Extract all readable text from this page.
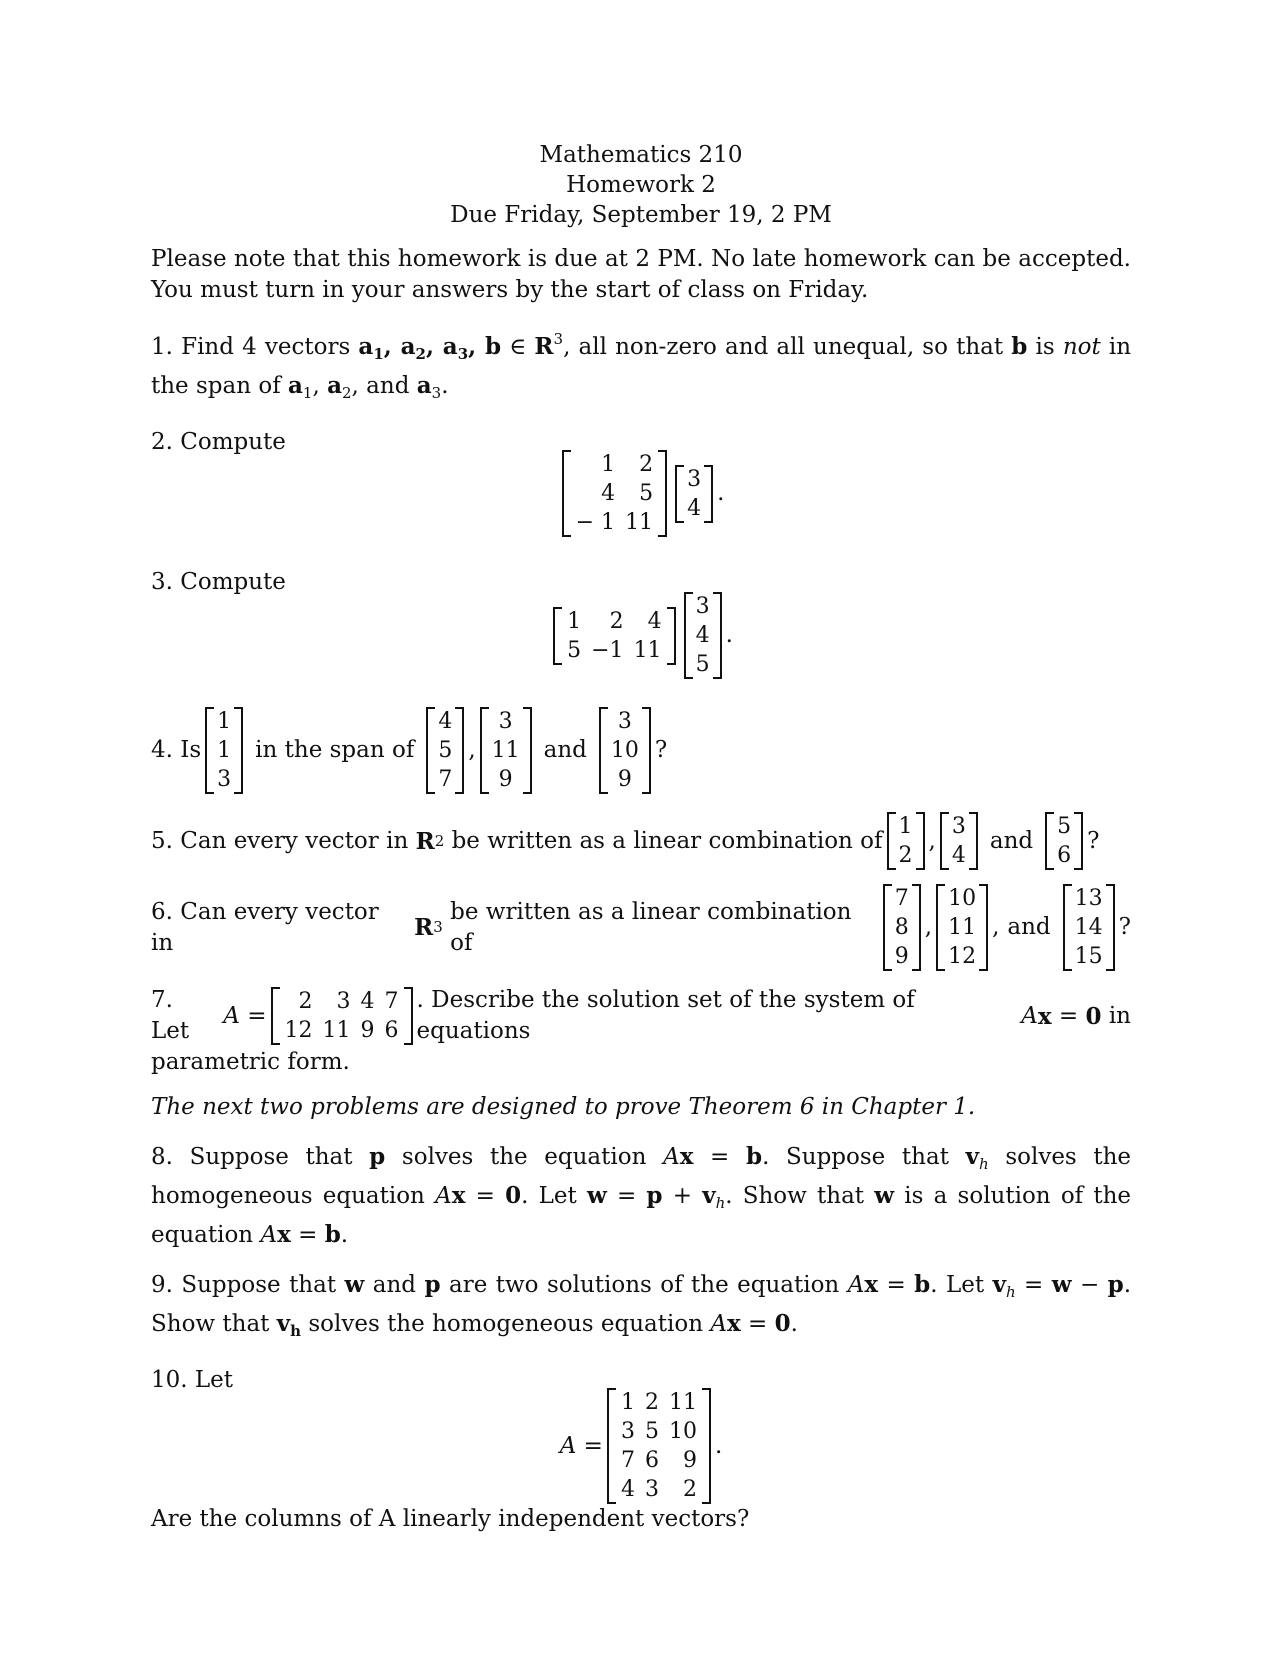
Mathematics 210
Homework 2
Due Friday, September 19, 2 PM

Please note that this homework is due at 2 PM. No late homework can be accepted. You must turn in your answers by the start of class on Friday.

1. Find 4 vectors $a_1$, $a_2$, $a_3$, b ∈ $R^3$, all non-zero and all unequal, so that b is not in the span of $a_1$, $a_2$, and $a_3$.

2. Compute
1	2
4	5
− 1	11
3
4
.
3. Compute
1	2	4
5	−1	11
3
4
5
.
4. Is
1
1
3
in the span of
4
5
7
,
3
11
9
and
3
10
9
?
5. Can every vector in
R 2
be written as a linear combination of
1
2
,
3
4
and
5
6
?
6. Can every vector in

R 3

be written as a linear combination of
7
8
9
,
10
11
12
, and
13
14
15
?
7. Let

A =
2	3	4	7
12	11	9	6
. Describe the solution set of the system of equations

A x = 0
in
parametric form.

The next two problems are designed to prove Theorem 6 in Chapter 1.

8. Suppose that p solves the equation Ax = b. Suppose that $v_h$ solves the homogeneous equation Ax = 0. Let $w = p + v_h$. Show that w is a solution of the equation Ax = b.

9. Suppose that w and p are two solutions of the equation Ax = b. Let $v_h = w - p$. Show that $v_h$ solves the homogeneous equation Ax = 0.

10. Let
A =
1	2	11
3	5	10
7	6	9
4	3	2
.
Are the columns of A linearly independent vectors?
